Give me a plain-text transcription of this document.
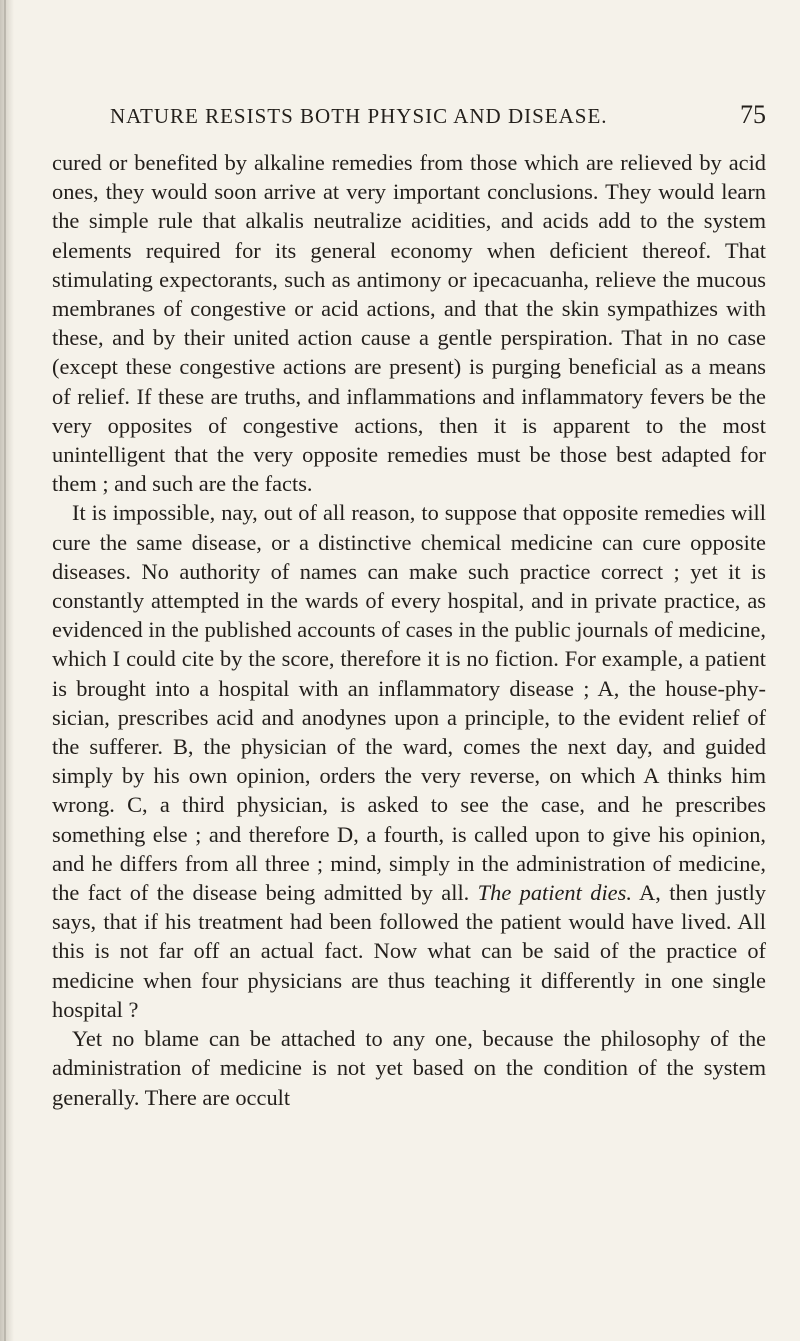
NATURE RESISTS BOTH PHYSIC AND DISEASE.	75

cured or benefited by alkaline remedies from those which are relieved by acid ones, they would soon arrive at very important conclusions. They would learn the simple rule that alkalis neutralize acidities, and acids add to the system elements required for its general economy when deficient thereof. That stimulating expectorants, such as antimony or ipecacuanha, relieve the mucous membranes of congestive or acid actions, and that the skin sympathizes with these, and by their united action cause a gentle perspiration. That in no case (except these congestive actions are present) is purging beneficial as a means of relief. If these are truths, and inflammations and inflammatory fevers be the very opposites of congestive actions, then it is apparent to the most unintelligent that the very opposite remedies must be those best adapted for them ; and such are the facts.

It is impossible, nay, out of all reason, to suppose that opposite remedies will cure the same disease, or a distinctive chemical medicine can cure opposite diseases. No authority of names can make such practice correct ; yet it is constantly attempted in the wards of every hospital, and in private practice, as evidenced in the published accounts of cases in the public journals of medicine, which I could cite by the score, therefore it is no fiction. For example, a patient is brought into a hospital with an inflammatory disease ; A, the house-physician, prescribes acid and anodynes upon a principle, to the evident relief of the sufferer. B, the physician of the ward, comes the next day, and guided simply by his own opinion, orders the very reverse, on which A thinks him wrong. C, a third physician, is asked to see the case, and he prescribes something else ; and therefore D, a fourth, is called upon to give his opinion, and he differs from all three ; mind, simply in the administration of medicine, the fact of the disease being admitted by all. The patient dies. A, then justly says, that if his treatment had been followed the patient would have lived. All this is not far off an actual fact. Now what can be said of the practice of medicine when four physicians are thus teaching it differently in one single hospital ?

Yet no blame can be attached to any one, because the philosophy of the administration of medicine is not yet based on the condition of the system generally. There are occult
